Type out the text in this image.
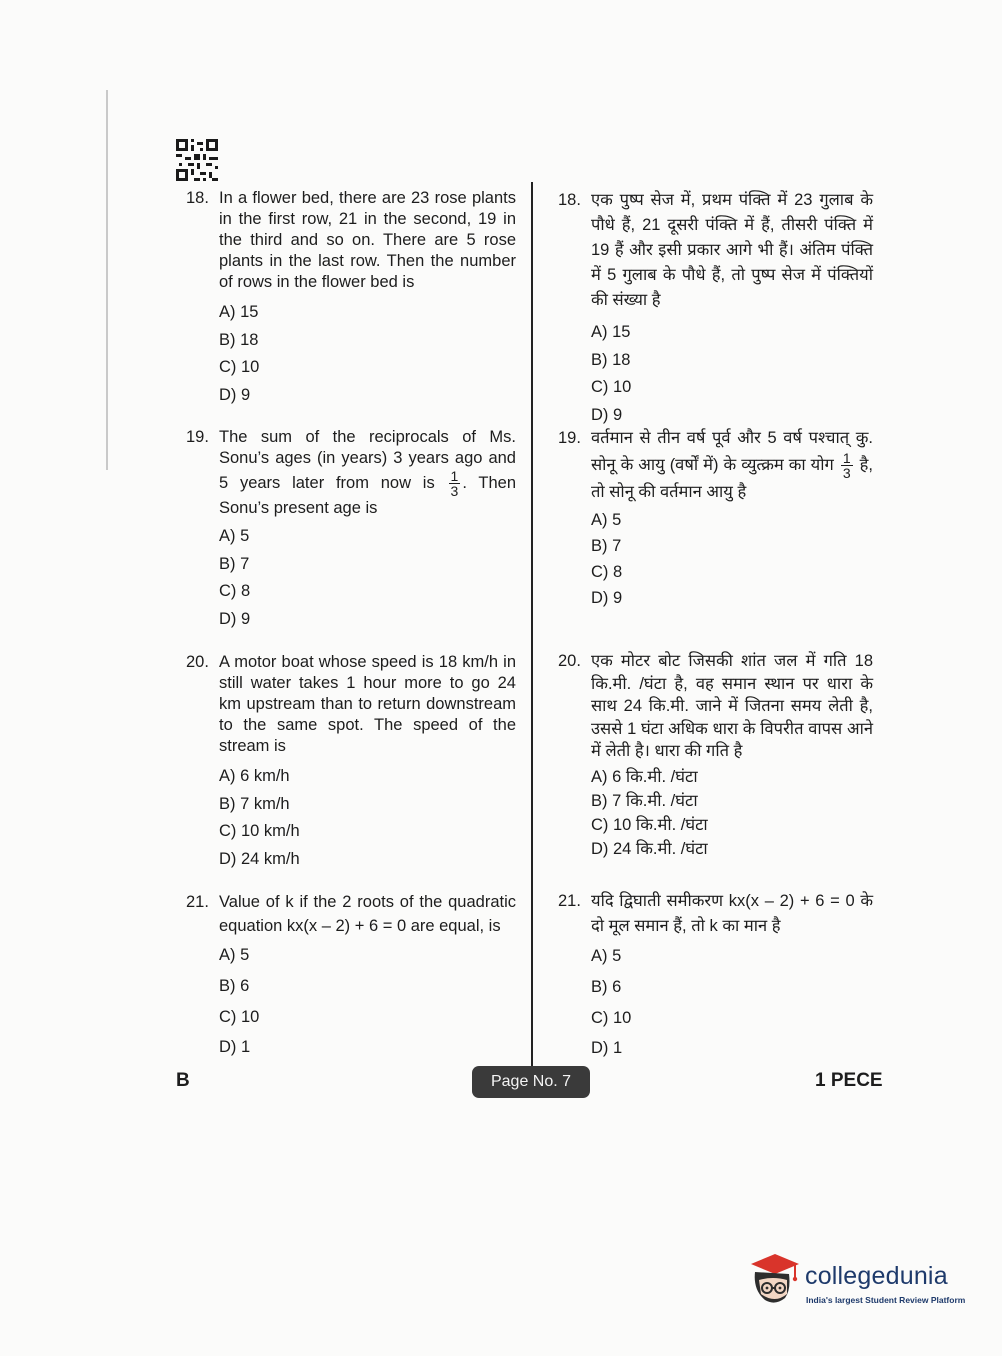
18. In a flower bed, there are 23 rose plants in the first row, 21 in the second, 19 in the third and so on. There are 5 rose plants in the last row. Then the number of rows in the flower bed is
A) 15
B) 18
C) 10
D) 9
19. The sum of the reciprocals of Ms. Sonu’s ages (in years) 3 years ago and 5 years later from now is $\frac{1}{3}$ . Then Sonu’s present age is
A) 5
B) 7
C) 8
D) 9
20. A motor boat whose speed is 18 km/h in still water takes 1 hour more to go 24 km upstream than to return downstream to the same spot. The speed of the stream is
A) 6 km/h
B) 7 km/h
C) 10 km/h
D) 24 km/h
21. Value of k if the 2 roots of the quadratic equation kx(x – 2) + 6 = 0 are equal, is
A) 5
B) 6
C) 10
D) 1
18. एक पुष्प सेज में, प्रथम पंक्ति में 23 गुलाब के पौधे हैं, 21 दूसरी पंक्ति में हैं, तीसरी पंक्ति में 19 हैं और इसी प्रकार आगे भी हैं। अंतिम पंक्ति में 5 गुलाब के पौधे हैं, तो पुष्प सेज में पंक्तियों की संख्या है
A) 15
B) 18
C) 10
D) 9
19. वर्तमान से तीन वर्ष पूर्व और 5 वर्ष पश्चात् कु. सोनू के आयु (वर्षों में) के व्युत्क्रम का योग $\frac{1}{3}$ है, तो सोनू की वर्तमान आयु है
A) 5
B) 7
C) 8
D) 9
20. एक मोटर बोट जिसकी शांत जल में गति 18 कि.मी. /घंटा है, वह समान स्थान पर धारा के साथ 24 कि.मी. जाने में जितना समय लेती है, उससे 1 घंटा अधिक धारा के विपरीत वापस आने में लेती है। धारा की गति है
A) 6 कि.मी. /घंटा
B) 7 कि.मी. /घंटा
C) 10 कि.मी. /घंटा
D) 24 कि.मी. /घंटा
21. यदि द्विघाती समीकरण kx(x – 2) + 6 = 0 के दो मूल समान हैं, तो k का मान है
A) 5
B) 6
C) 10
D) 1
B	Page No. 7	1 PECE
collegedunia
India's largest Student Review Platform
